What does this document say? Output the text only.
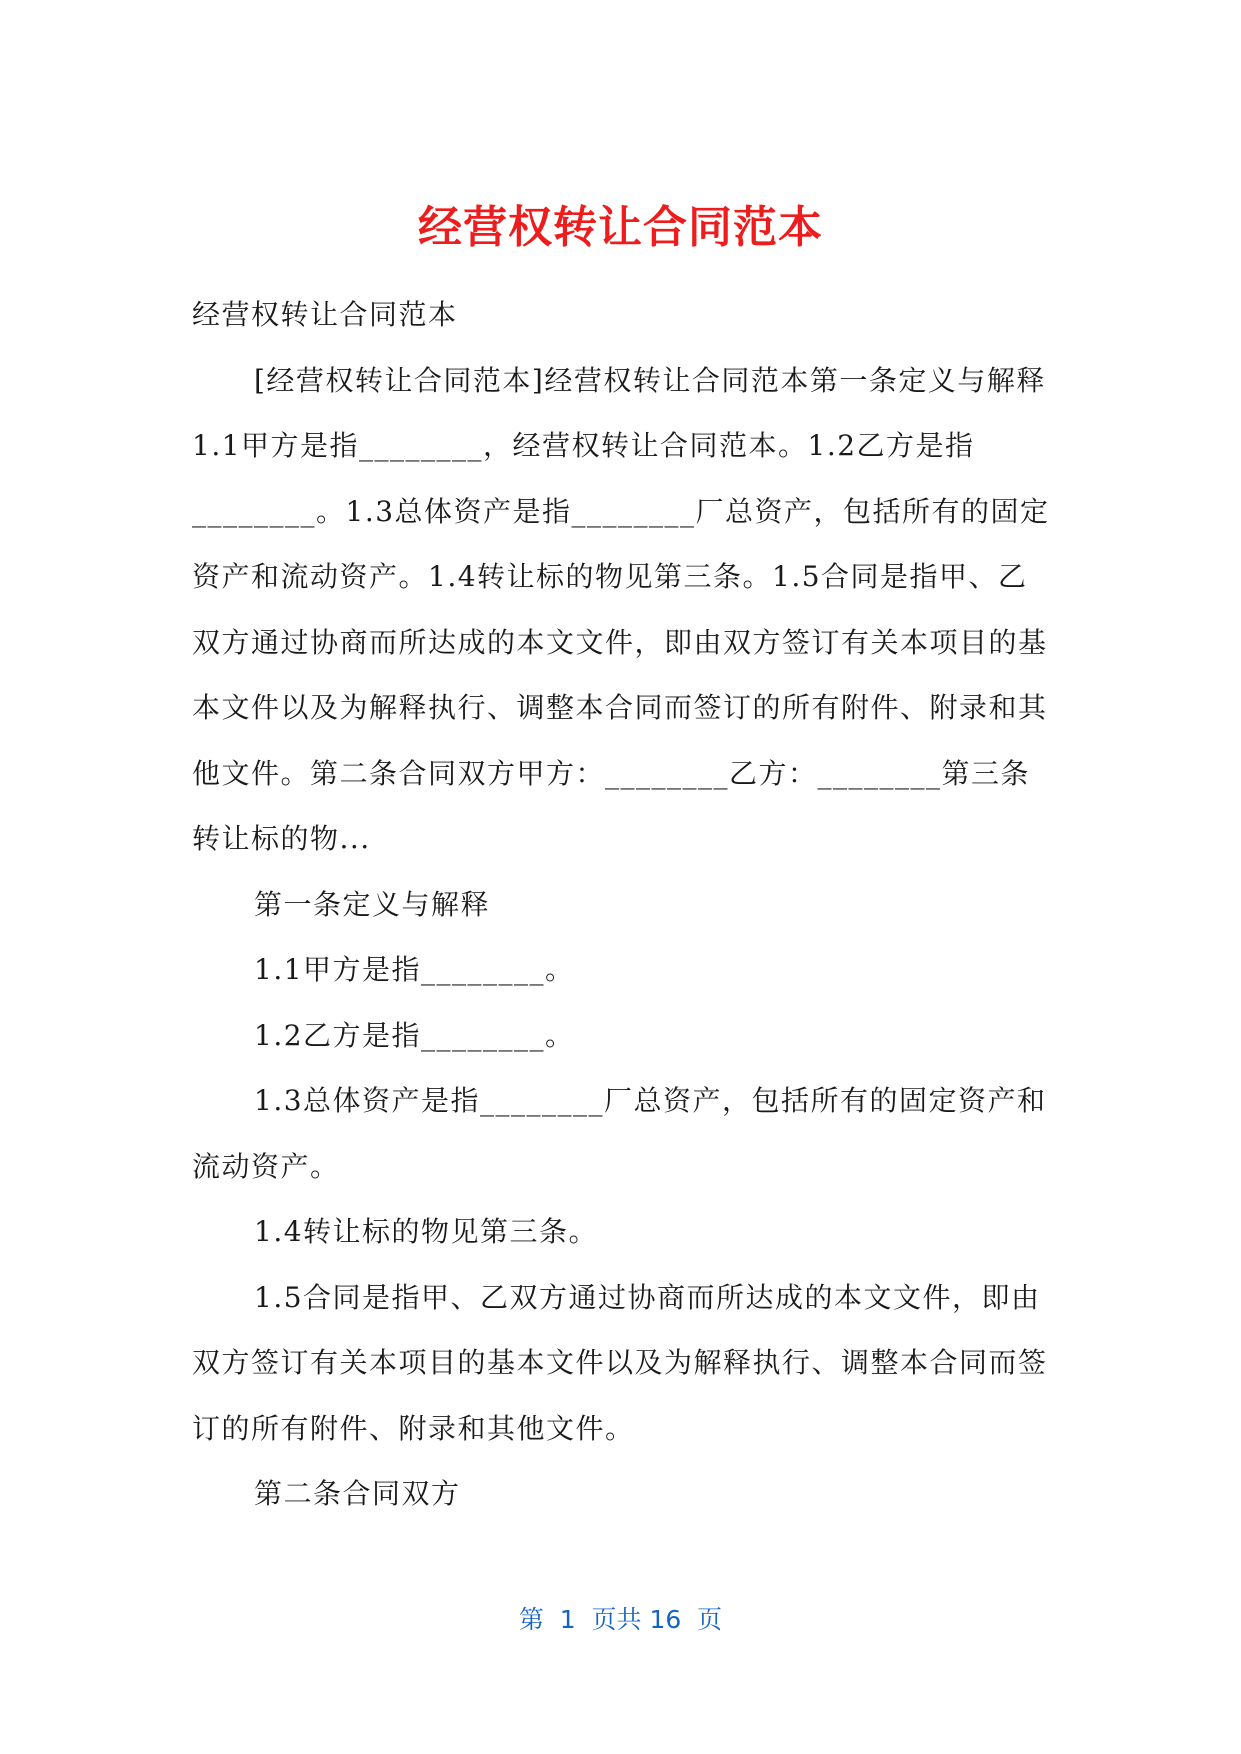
经营权转让合同范本

经营权转让合同范本

[经营权转让合同范本]经营权转让合同范本第一条定义与解释1.1甲方是指________，经营权转让合同范本。1.2乙方是指________。1.3总体资产是指________厂总资产，包括所有的固定资产和流动资产。1.4转让标的物见第三条。1.5合同是指甲、乙双方通过协商而所达成的本文文件，即由双方签订有关本项目的基本文件以及为解释执行、调整本合同而签订的所有附件、附录和其他文件。第二条合同双方甲方：________乙方：________第三条转让标的物...

第一条定义与解释

1.1甲方是指________。

1.2乙方是指________。

1.3总体资产是指________厂总资产，包括所有的固定资产和流动资产。

1.4转让标的物见第三条。

1.5合同是指甲、乙双方通过协商而所达成的本文文件，即由双方签订有关本项目的基本文件以及为解释执行、调整本合同而签订的所有附件、附录和其他文件。

第二条合同双方

第  1  页共 16  页
